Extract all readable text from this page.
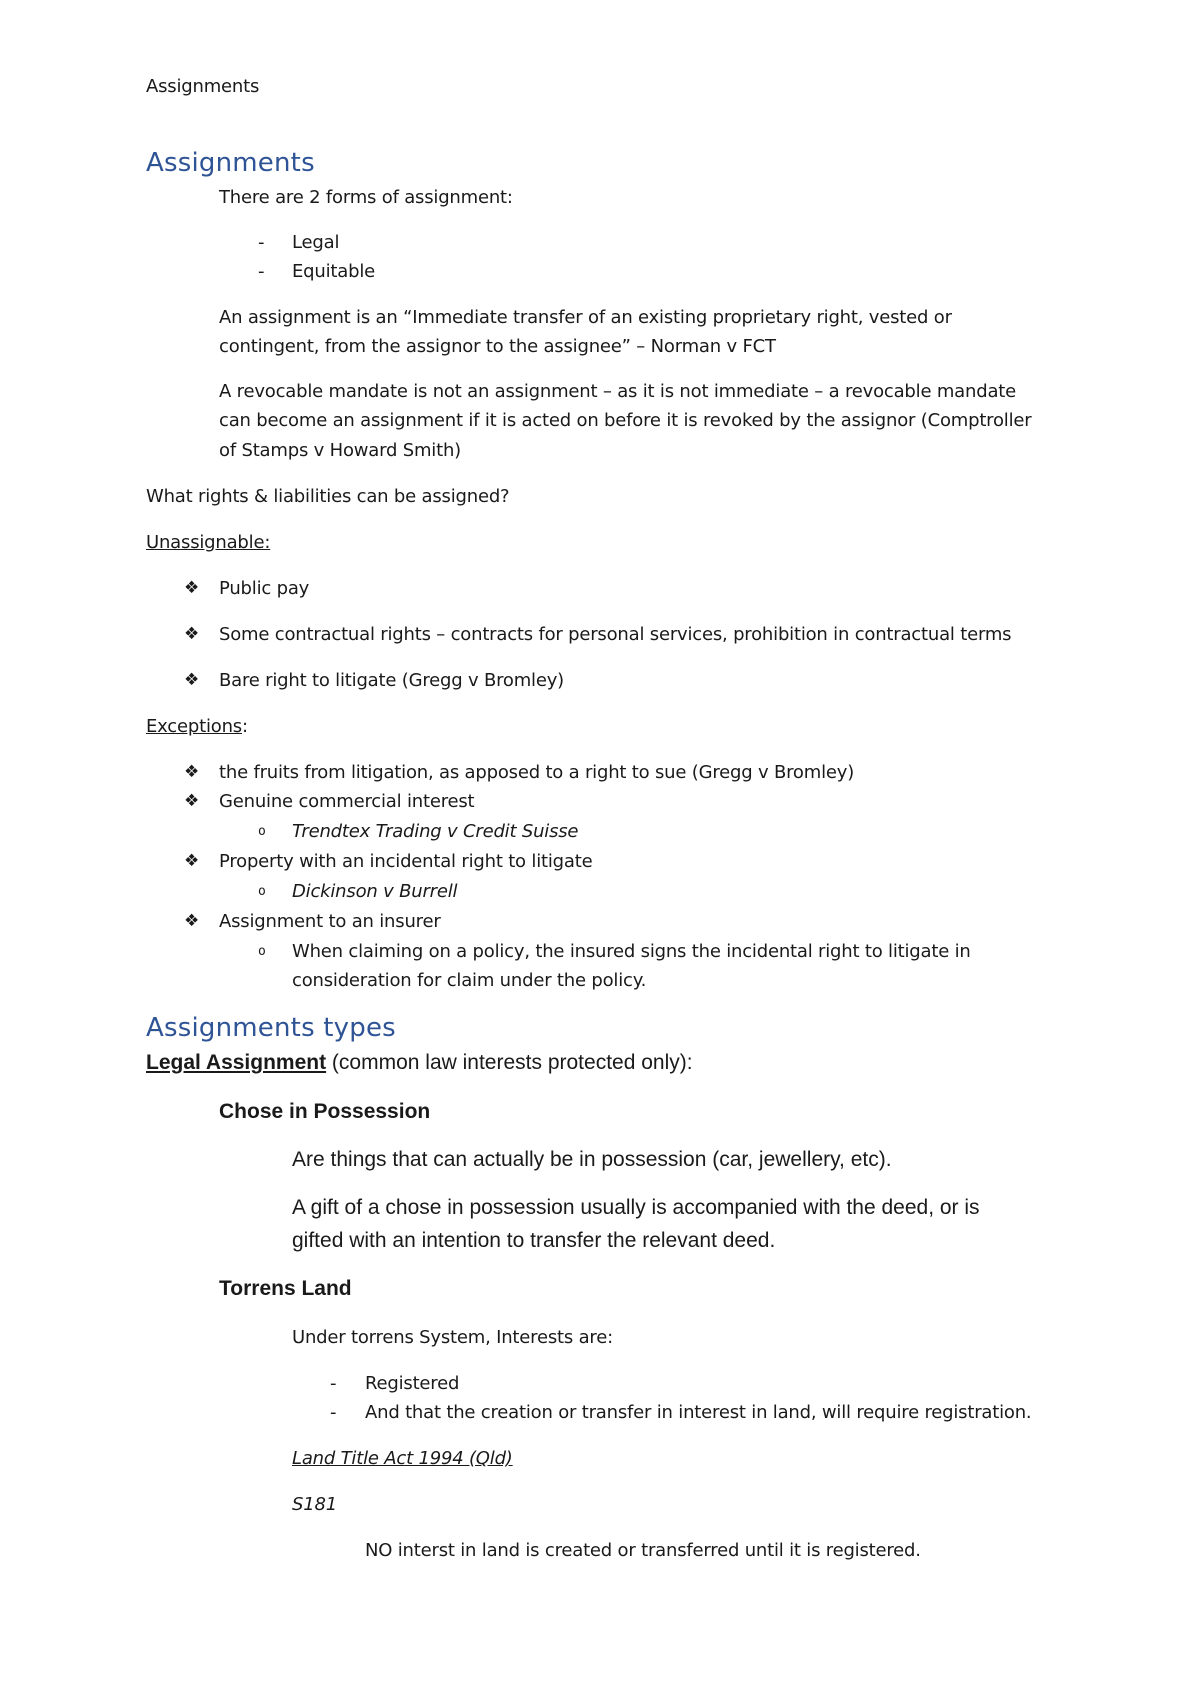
Assignments
Assignments
There are 2 forms of assignment:
- Legal
- Equitable
An assignment is an “Immediate transfer of an existing proprietary right, vested or
contingent, from the assignor to the assignee” – Norman v FCT
A revocable mandate is not an assignment – as it is not immediate – a revocable mandate
can become an assignment if it is acted on before it is revoked by the assignor (Comptroller
of Stamps v Howard Smith)
What rights & liabilities can be assigned?
Unassignable:
❖ Public pay
❖ Some contractual rights – contracts for personal services, prohibition in contractual terms
❖ Bare right to litigate (Gregg v Bromley)
Exceptions:
❖ the fruits from litigation, as apposed to a right to sue (Gregg v Bromley)
❖ Genuine commercial interest
o Trendtex Trading v Credit Suisse
❖ Property with an incidental right to litigate
o Dickinson v Burrell
❖ Assignment to an insurer
o When claiming on a policy, the insured signs the incidental right to litigate in
consideration for claim under the policy.
Assignments types
Legal Assignment (common law interests protected only):
Chose in Possession
Are things that can actually be in possession (car, jewellery, etc).
A gift of a chose in possession usually is accompanied with the deed, or is
gifted with an intention to transfer the relevant deed.
Torrens Land
Under torrens System, Interests are:
- Registered
- And that the creation or transfer in interest in land, will require registration.
Land Title Act 1994 (Qld)
S181
NO interst in land is created or transferred until it is registered.
